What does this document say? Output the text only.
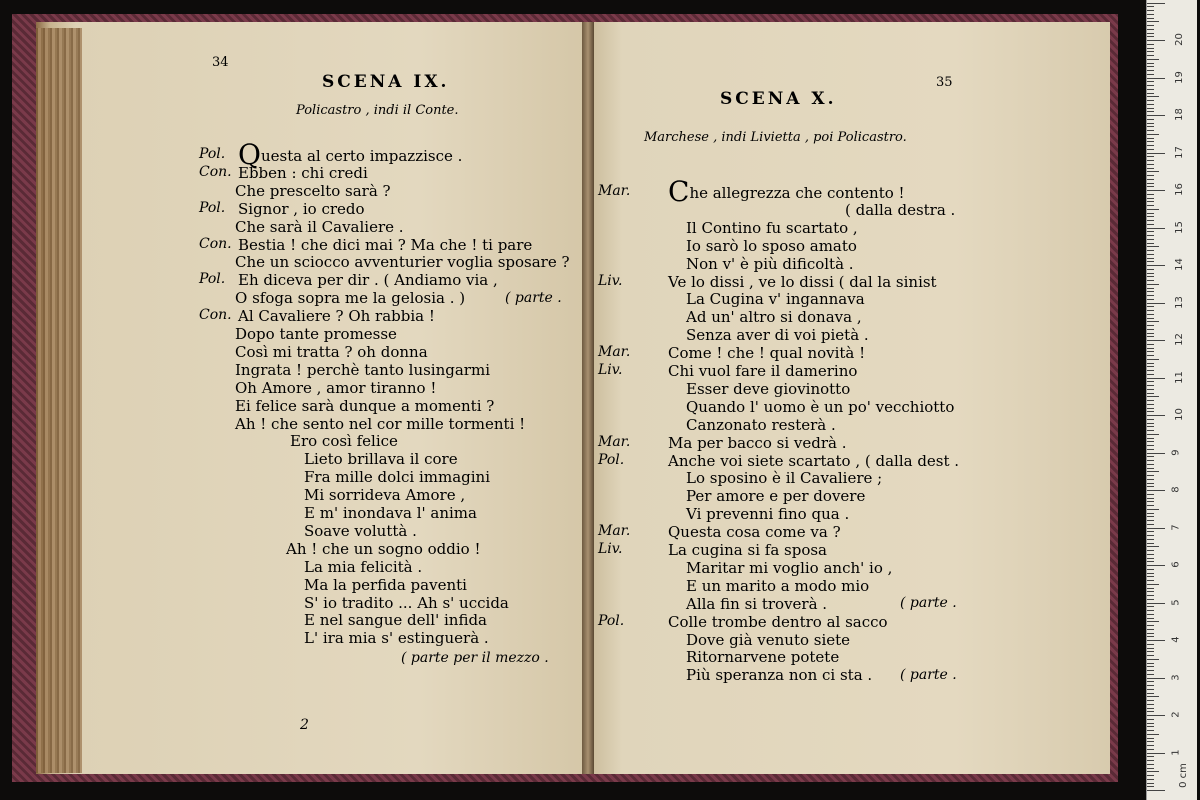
34
SCENA IX.
Policastro , indi il Conte.
Pol. Questa al certo impazzisce .
Con. Ebben : chi credi
Che prescelto sarà ?
Pol. Signor , io credo
Che sarà il Cavaliere .
Con. Bestia ! che dici mai ? Ma che ! ti pare
Che un sciocco avventurier voglia sposare ?
Pol. Eh diceva per dir . ( Andiamo via ,
O sfoga sopra me la gelosia . )
Con. Al Cavaliere ? Oh rabbia !
Dopo tante promesse
Così mi tratta ? oh donna
Ingrata ! perchè tanto lusingarmi
Oh Amore , amor tiranno !
Ei felice sarà dunque a momenti ?
Ah ! che sento nel cor mille tormenti !
Ero così felice
Lieto brillava il core
Fra mille dolci immagini
Mi sorrideva Amore ,
E m' inondava l' anima
Soave voluttà .
Ah ! che un sogno oddio !
La mia felicità .
Ma la perfida paventi
S' io tradito ... Ah s' uccida
E nel sangue dell' infida
L' ira mia s' estinguerà .
( parte .
( parte per il mezzo .
2
35
SCENA X.
Marchese , indi Livietta , poi Policastro.
Mar. Che allegrezza che contento !
( dalla destra .
Il Contino fu scartato ,
Io sarò lo sposo amato
Non v' è più dificoltà .
Liv.	Ve lo dissi , ve lo dissi ( dal la sinist
La Cugina v' ingannava
Ad un' altro si donava ,
Senza aver di voi pietà .
Mar.	Come ! che ! qual novità !
Liv.	Chi vuol fare il damerino
Esser deve giovinotto
Quando l' uomo è un po' vecchiotto
Canzonato resterà .
Mar.	Ma per bacco si vedrà .
Pol.	Anche voi siete scartato , ( dalla dest .
Lo sposino è il Cavaliere ;
Per amore e per dovere
Vi prevenni fino qua .
Mar.	Questa cosa come va ?
Liv.	La cugina si fa sposa
Maritar mi voglio anch' io ,
E un marito a modo mio
Alla fin si troverà .
Pol.	Colle trombe dentro al sacco
Dove già venuto siete
Ritornarvene potete
Più speranza non ci sta .
( parte .
( parte .
0 cm
1
2
3
4
5
6
7
8
9
10
11
12
13
14
15
16
17
18
19
20
